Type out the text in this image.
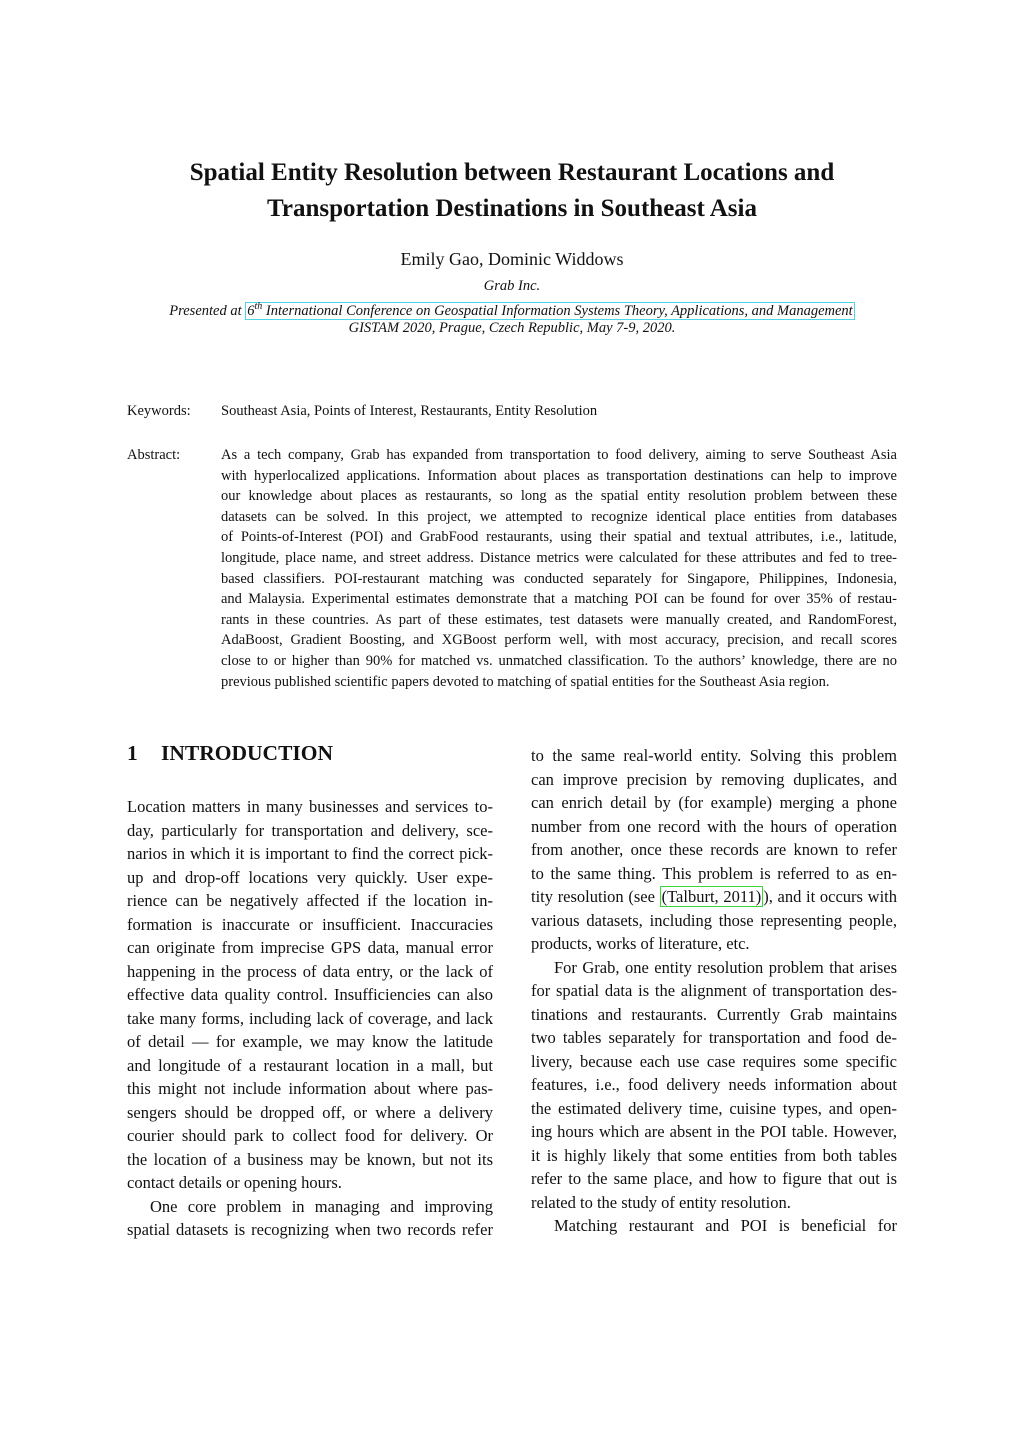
Spatial Entity Resolution between Restaurant Locations and
Transportation Destinations in Southeast Asia
Emily Gao, Dominic Widdows
Grab Inc.
Presented at 6th International Conference on Geospatial Information Systems Theory, Applications, and Management
GISTAM 2020, Prague, Czech Republic, May 7-9, 2020.
Keywords: Southeast Asia, Points of Interest, Restaurants, Entity Resolution
Abstract:	As a tech company, Grab has expanded from transportation to food delivery, aiming to serve Southeast Asia
with hyperlocalized applications. Information about places as transportation destinations can help to improve
our knowledge about places as restaurants, so long as the spatial entity resolution problem between these
datasets can be solved. In this project, we attempted to recognize identical place entities from databases
of Points-of-Interest (POI) and GrabFood restaurants, using their spatial and textual attributes, i.e., latitude,
longitude, place name, and street address. Distance metrics were calculated for these attributes and fed to tree-
based classifiers. POI-restaurant matching was conducted separately for Singapore, Philippines, Indonesia,
and Malaysia. Experimental estimates demonstrate that a matching POI can be found for over 35% of restau-
rants in these countries. As part of these estimates, test datasets were manually created, and RandomForest,
AdaBoost, Gradient Boosting, and XGBoost perform well, with most accuracy, precision, and recall scores
close to or higher than 90% for matched vs. unmatched classification. To the authors’ knowledge, there are no
previous published scientific papers devoted to matching of spatial entities for the Southeast Asia region.
1 INTRODUCTION
Location matters in many businesses and services to-
day, particularly for transportation and delivery, sce-
narios in which it is important to find the correct pick-
up and drop-off locations very quickly. User expe-
rience can be negatively affected if the location in-
formation is inaccurate or insufficient. Inaccuracies
can originate from imprecise GPS data, manual error
happening in the process of data entry, or the lack of
effective data quality control. Insufficiencies can also
take many forms, including lack of coverage, and lack
of detail — for example, we may know the latitude
and longitude of a restaurant location in a mall, but
this might not include information about where pas-
sengers should be dropped off, or where a delivery
courier should park to collect food for delivery. Or
the location of a business may be known, but not its
contact details or opening hours.
One core problem in managing and improving
spatial datasets is recognizing when two records refer
to the same real-world entity. Solving this problem
can improve precision by removing duplicates, and
can enrich detail by (for example) merging a phone
number from one record with the hours of operation
from another, once these records are known to refer
to the same thing. This problem is referred to as en-
tity resolution (see (Talburt, 2011) ), and it occurs with
various datasets, including those representing people,
products, works of literature, etc.
For Grab, one entity resolution problem that arises
for spatial data is the alignment of transportation des-
tinations and restaurants. Currently Grab maintains
two tables separately for transportation and food de-
livery, because each use case requires some specific
features, i.e., food delivery needs information about
the estimated delivery time, cuisine types, and open-
ing hours which are absent in the POI table. However,
it is highly likely that some entities from both tables
refer to the same place, and how to figure that out is
related to the study of entity resolution.
Matching restaurant and POI is beneficial for
